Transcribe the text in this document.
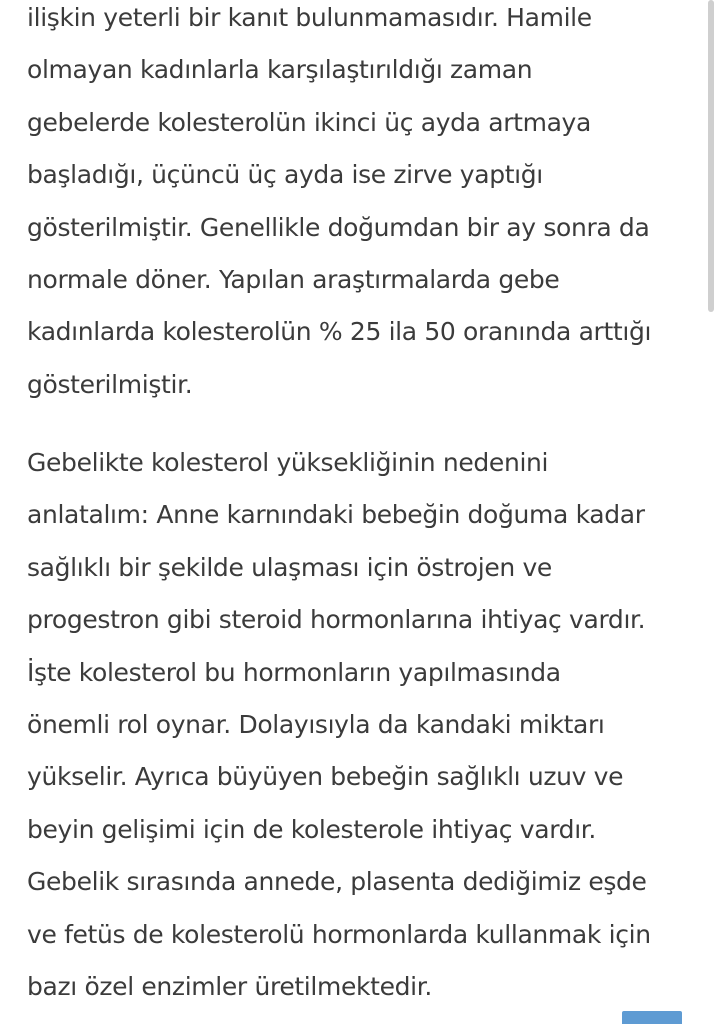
ilişkin yeterli bir kanıt bulunmamasıdır. Hamile
olmayan kadınlarla karşılaştırıldığı zaman
gebelerde kolesterolün ikinci üç ayda artmaya
başladığı, üçüncü üç ayda ise zirve yaptığı
gösterilmiştir. Genellikle doğumdan bir ay sonra da
normale döner. Yapılan araştırmalarda gebe
kadınlarda kolesterolün % 25 ila 50 oranında arttığı
gösterilmiştir.

Gebelikte kolesterol yüksekliğinin nedenini
anlatalım: Anne karnındaki bebeğin doğuma kadar
sağlıklı bir şekilde ulaşması için östrojen ve
progestron gibi steroid hormonlarına ihtiyaç vardır.
İşte kolesterol bu hormonların yapılmasında
önemli rol oynar. Dolayısıyla da kandaki miktarı
yükselir. Ayrıca büyüyen bebeğin sağlıklı uzuv ve
beyin gelişimi için de kolesterole ihtiyaç vardır.
Gebelik sırasında annede, plasenta dediğimiz eşde
ve fetüs de kolesterolü hormonlarda kullanmak için
bazı özel enzimler üretilmektedir.
